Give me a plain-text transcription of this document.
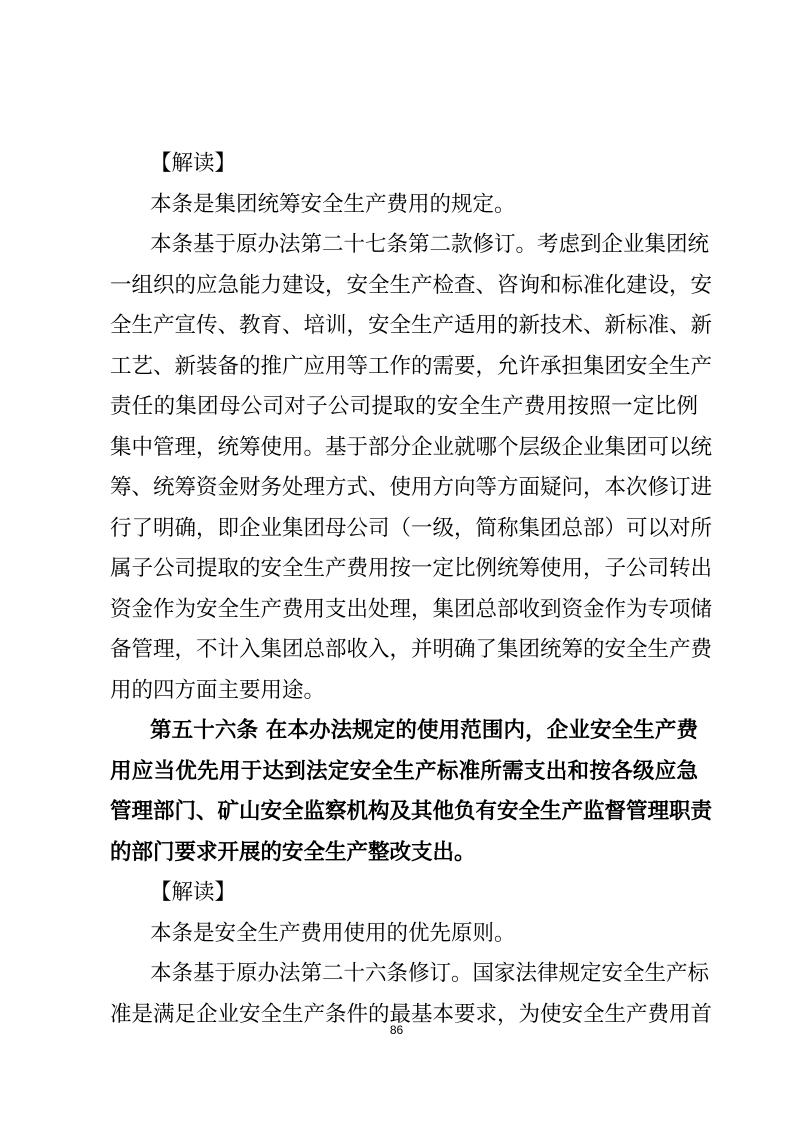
【解读】
本条是集团统筹安全生产费用的规定。
本条基于原办法第二十七条第二款修订。考虑到企业集团统
一组织的应急能力建设，安全生产检查、咨询和标准化建设，安
全生产宣传、教育、培训，安全生产适用的新技术、新标准、新
工艺、新装备的推广应用等工作的需要，允许承担集团安全生产
责任的集团母公司对子公司提取的安全生产费用按照一定比例
集中管理，统筹使用。基于部分企业就哪个层级企业集团可以统
筹、统筹资金财务处理方式、使用方向等方面疑问，本次修订进
行了明确，即企业集团母公司（一级，简称集团总部）可以对所
属子公司提取的安全生产费用按一定比例统筹使用，子公司转出
资金作为安全生产费用支出处理，集团总部收到资金作为专项储
备管理，不计入集团总部收入，并明确了集团统筹的安全生产费
用的四方面主要用途。
第五十六条 在本办法规定的使用范围内，企业安全生产费
用应当优先用于达到法定安全生产标准所需支出和按各级应急
管理部门、矿山安全监察机构及其他负有安全生产监督管理职责
的部门要求开展的安全生产整改支出。
【解读】
本条是安全生产费用使用的优先原则。
本条基于原办法第二十六条修订。国家法律规定安全生产标
准是满足企业安全生产条件的最基本要求，为使安全生产费用首
86
